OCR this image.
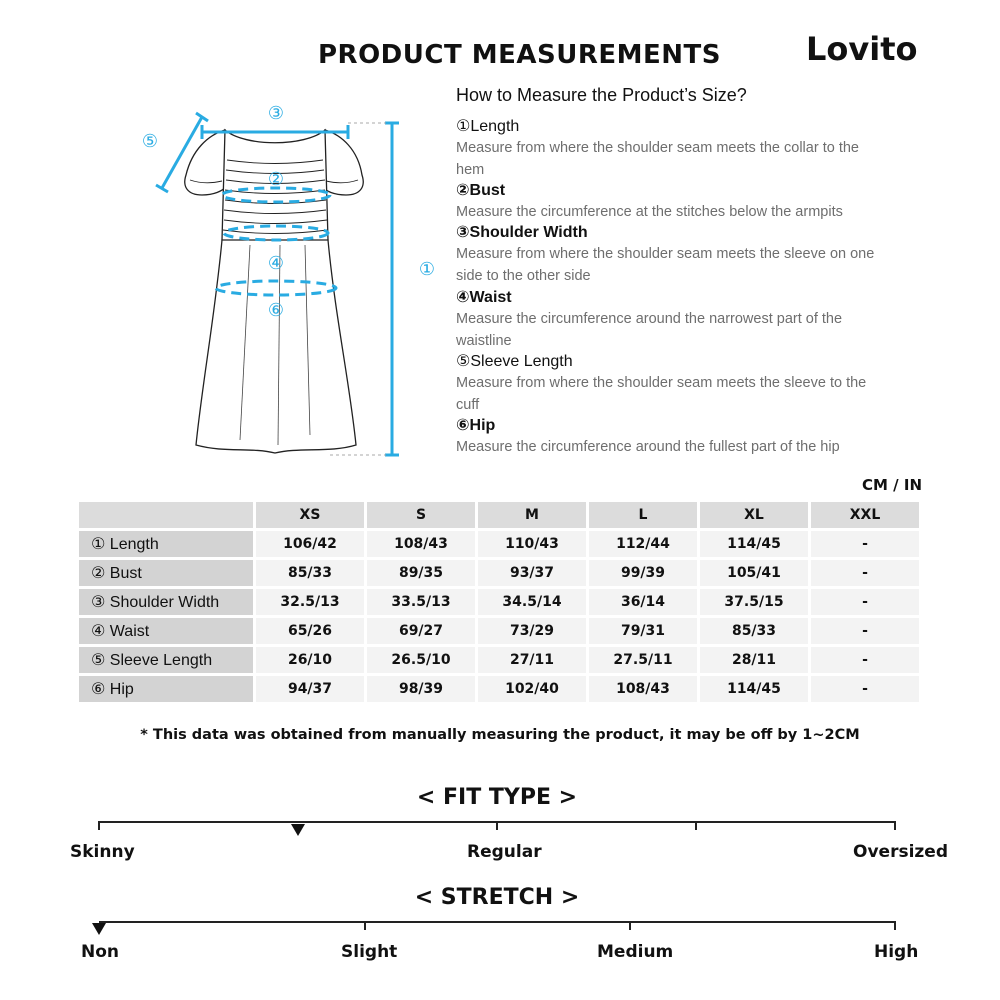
PRODUCT MEASUREMENTS	Lovito
③
⑤
②
④
⑥
①
How to Measure the Product’s Size?
①Length
Measure from where the shoulder seam meets the collar to the hem
②Bust
Measure the circumference at the stitches below the armpits
③Shoulder Width
Measure from where the shoulder seam meets the sleeve on one side to the other side
④Waist
Measure the circumference around the narrowest part of the waistline
⑤Sleeve Length
Measure from where the shoulder seam meets the sleeve to the cuff
⑥Hip
Measure the circumference around the fullest part of the hip
CM / IN
	XS	S	M	L	XL	XXL
① Length	106/42	108/43	110/43	112/44	114/45	-
② Bust	85/33	89/35	93/37	99/39	105/41	-
③ Shoulder Width	32.5/13	33.5/13	34.5/14	36/14	37.5/15	-
④ Waist	65/26	69/27	73/29	79/31	85/33	-
⑤ Sleeve Length	26/10	26.5/10	27/11	27.5/11	28/11	-
⑥ Hip	94/37	98/39	102/40	108/43	114/45	-
* This data was obtained from manually measuring the product, it may be off by 1~2CM
< FIT TYPE >
Skinny	Regular	Oversized
< STRETCH >
Non	Slight	Medium	High
